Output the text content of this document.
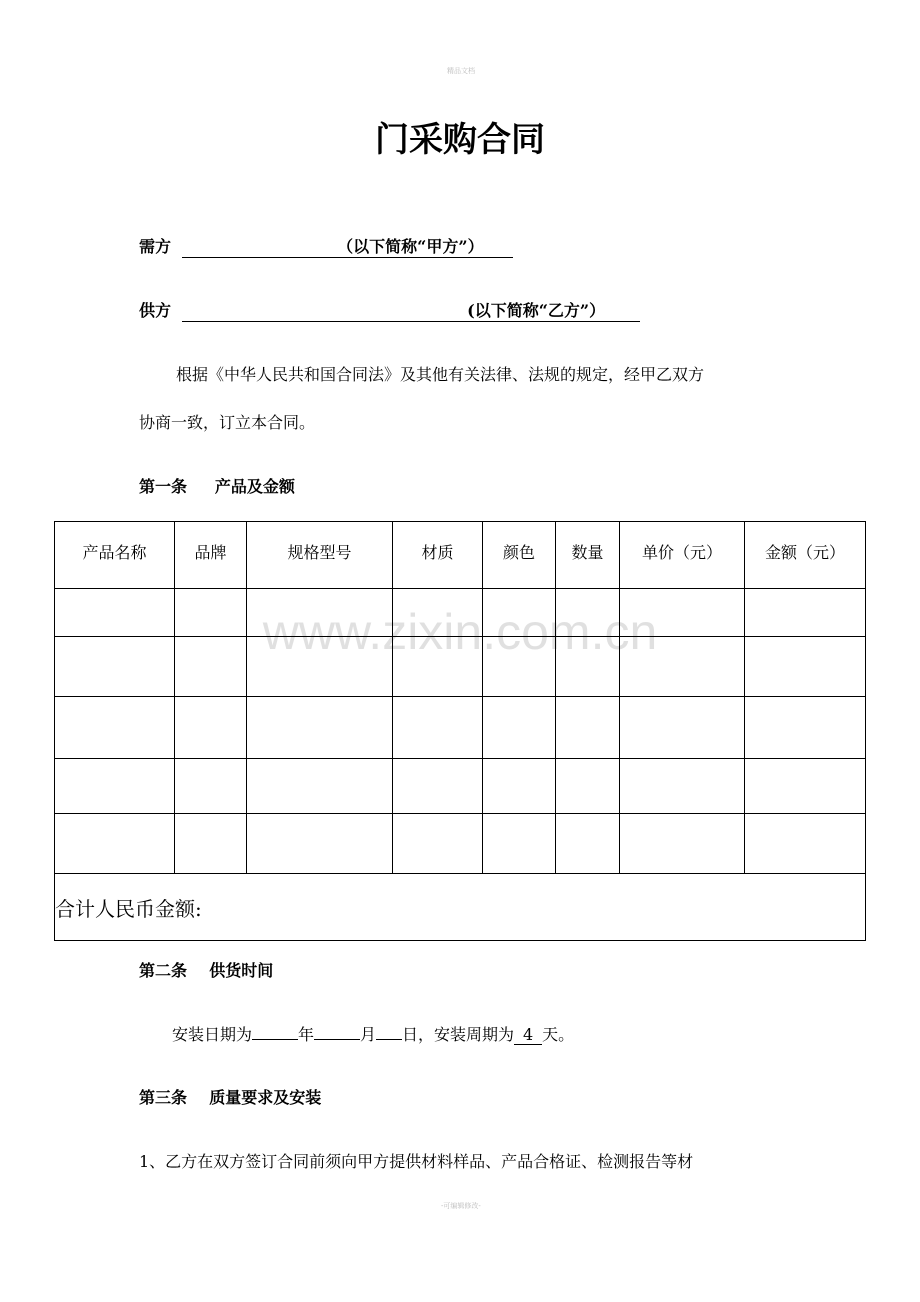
精品文档
门采购合同
需方	（以下简称“甲方”）
供方	(以下简称“乙方”）
根据《中华人民共和国合同法》及其他有关法律、法规的规定，经甲乙双方
协商一致，订立本合同。
第一条 产品及金额
产品名称	品牌	规格型号	材质	颜色	数量	单价（元）	金额（元）

合计人民币金额:							
www.zixin.com.cn
第二条 供货时间
安装日期为	年	月 日，安装周期为 4 天。
第三条 质量要求及安装
1、乙方在双方签订合同前须向甲方提供材料样品、产品合格证、检测报告等材
-可编辑修改-
